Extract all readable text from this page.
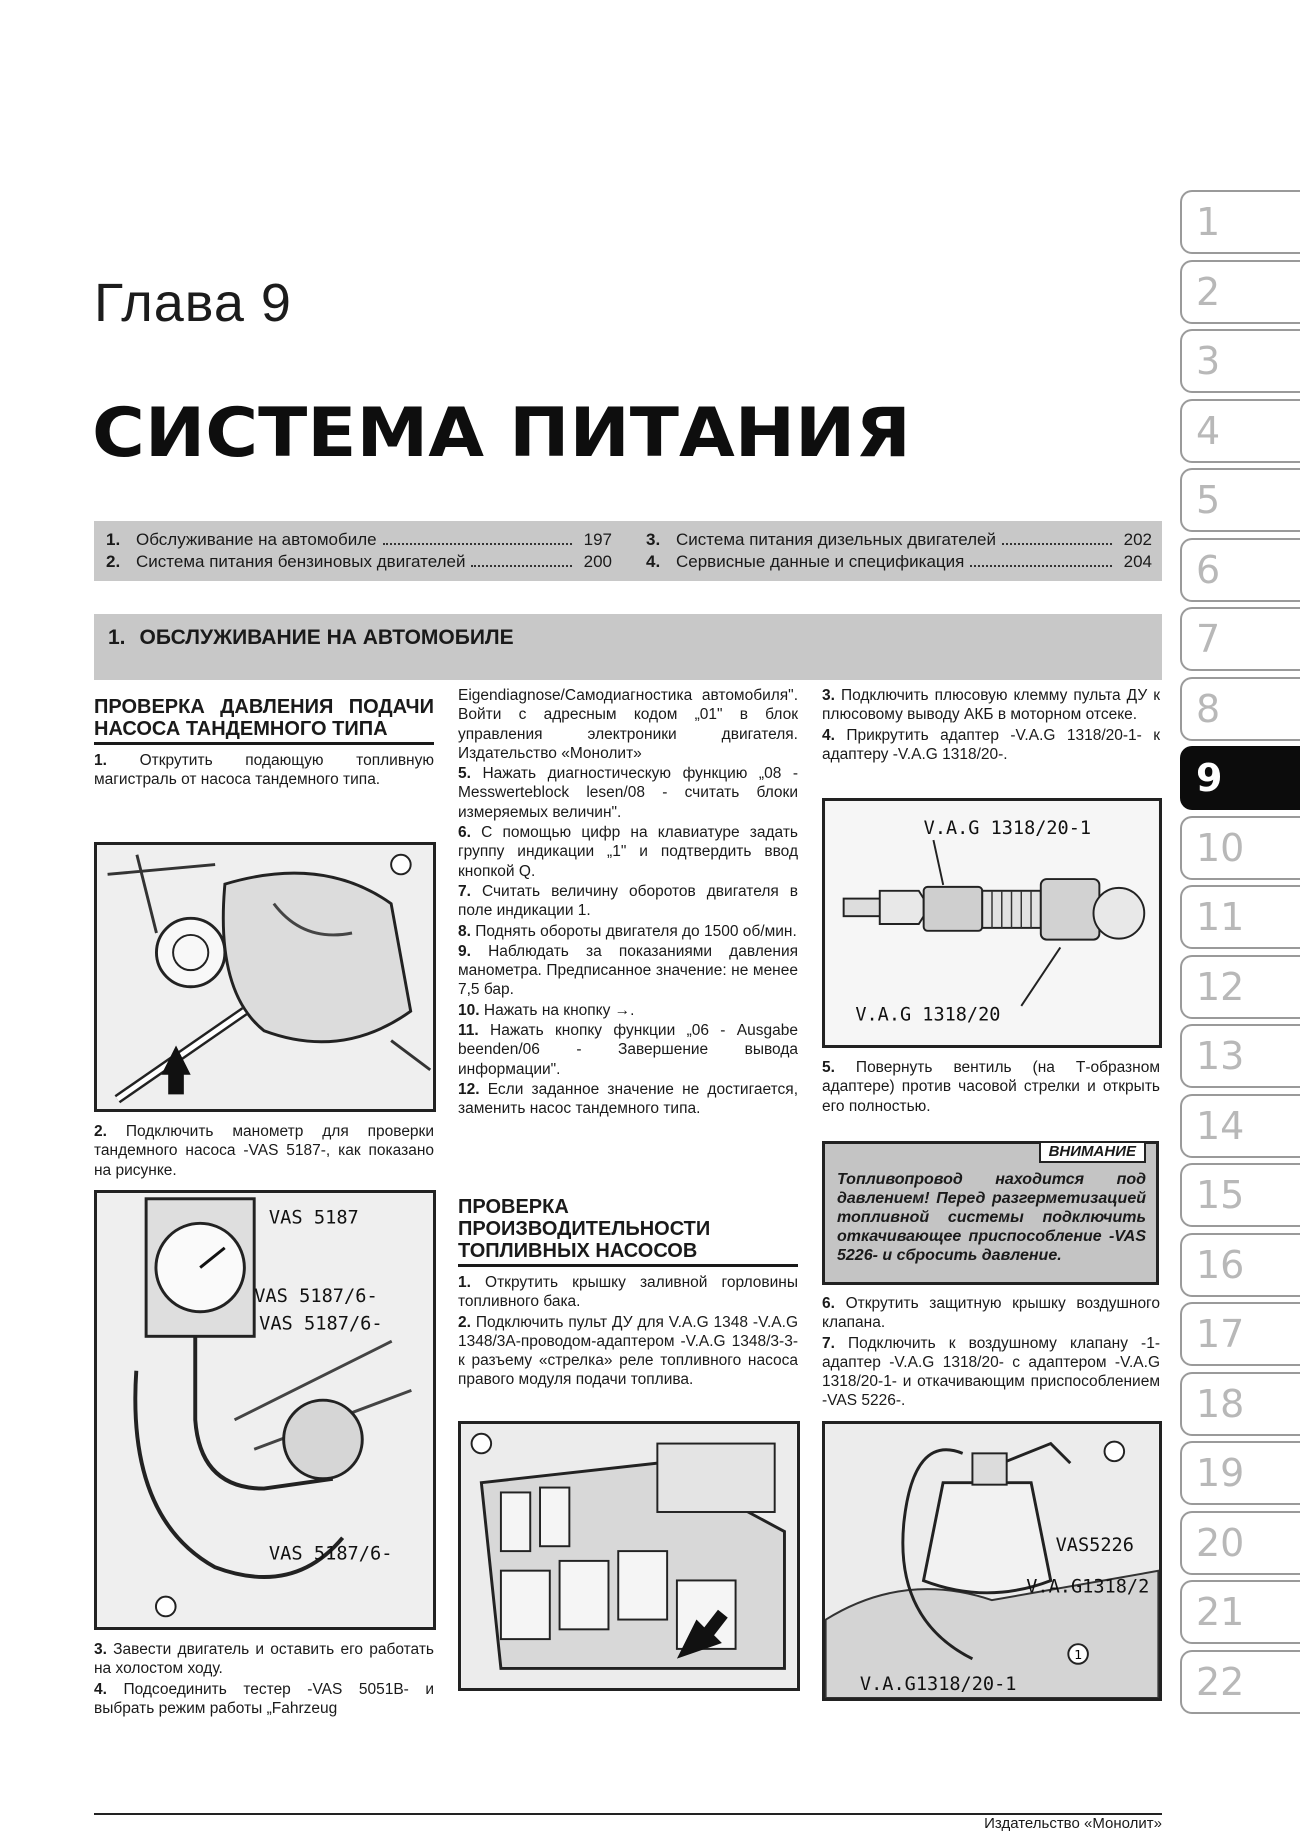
Глава 9
СИСТЕМА ПИТАНИЯ
1. Обслуживание на автомобиле	197
2. Система питания бензиновых двигателей	200
3. Система питания дизельных двигателей	202
4. Сервисные данные и спецификация	204
1. ОБСЛУЖИВАНИЕ НА АВТОМОБИЛЕ
ПРОВЕРКА ДАВЛЕНИЯ ПОДАЧИ НАСОСА ТАНДЕМНОГО ТИПА

1. Открутить подающую топливную магистраль от насоса тандемного типа.

2. Подключить манометр для проверки тандемного насоса -VAS 5187-, как показано на рисунке.

VAS 5187
VAS 5187/6-
VAS 5187/6-
VAS 5187/6-

3. Завести двигатель и оставить его работать на холостом ходу.

4. Подсоединить тестер -VAS 5051B- и выбрать режим работы „Fahrzeug

Eigendiagnose/Самодиагностика автомобиля". Войти с адресным кодом „01" в блок управления электроники двигателя. Издательство «Монолит»

5. Нажать диагностическую функцию „08 - Messwerteblock lesen/08 - считать блоки измеряемых величин".

6. С помощью цифр на клавиатуре задать группу индикации „1" и подтвердить ввод кнопкой Q.

7. Считать величину оборотов двигателя в поле индикации 1.

8. Поднять обороты двигателя до 1500 об/мин.

9. Наблюдать за показаниями давления манометра. Предписанное значение: не менее 7,5 бар.

10. Нажать на кнопку →.

11. Нажать кнопку функции „06 - Ausgabe beenden/06 - Завершение вывода информации".

12. Если заданное значение не достигается, заменить насос тандемного типа.

ПРОВЕРКА ПРОИЗВОДИТЕЛЬНОСТИ ТОПЛИВНЫХ НАСОСОВ

1. Открутить крышку заливной горловины топливного бака.

2. Подключить пульт ДУ для V.A.G 1348 -V.A.G 1348/3А-проводом-адаптером -V.A.G 1348/3-3- к разъему «стрелка» реле топливного насоса правого модуля подачи топлива.

3. Подключить плюсовую клемму пульта ДУ к плюсовому выводу АКБ в моторном отсеке.

4. Прикрутить адаптер -V.A.G 1318/20-1- к адаптеру -V.A.G 1318/20-.

V.A.G 1318/20-1
V.A.G 1318/20

5. Повернуть вентиль (на Т-образном адаптере) против часовой стрелки и открыть его полностью.

ВНИМАНИЕ
Топливопровод находится под давлением! Перед разгерметизацией топливной системы подключить откачивающее приспособление -VAS 5226- и сбросить давление.

6. Открутить защитную крышку воздушного клапана.

7. Подключить к воздушному клапану -1-адаптер -V.A.G 1318/20- с адаптером -V.A.G 1318/20-1- и откачивающим приспособлением -VAS 5226-.

1
VAS5226
V.A.G1318/2
V.A.G1318/20-1
Издательство «Монолит»
1
2
3
4
5
6
7
8
9
10
11
12
13
14
15
16
17
18
19
20
21
22
